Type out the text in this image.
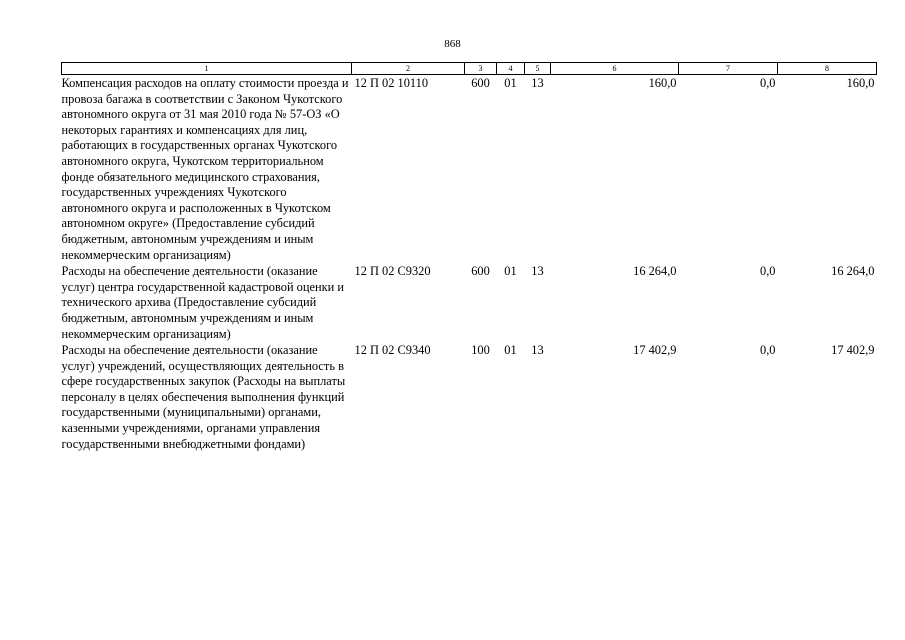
868
1	2	3	4	5	6	7	8
Компенсация расходов на оплату стоимости проезда и провоза багажа в соответствии с Законом Чукотского автономного округа от 31 мая 2010 года № 57-ОЗ «О некоторых гарантиях и компенсациях для лиц, работающих в государственных органах Чукотского автономного округа, Чукотском территориальном фонде обязательного медицинского страхования, государственных учреждениях Чукотского автономного округа и расположенных в Чукотском автономном округе» (Предоставление субсидий бюджетным, автономным учреждениям и иным некоммерческим организациям)	12 П 02 10110	600	01	13	160,0	0,0	160,0
Расходы на обеспечение деятельности (оказание услуг) центра государственной кадастровой оценки и технического архива (Предоставление субсидий бюджетным, автономным учреждениям и иным некоммерческим организациям)	12 П 02 С9320	600	01	13	16 264,0	0,0	16 264,0
Расходы на обеспечение деятельности (оказание услуг) учреждений, осуществляющих деятельность в сфере государственных закупок (Расходы на выплаты персоналу в целях обеспечения выполнения функций государственными (муниципальными) органами, казенными учреждениями, органами управления государственными внебюджетными фондами)	12 П 02 С9340	100	01	13	17 402,9	0,0	17 402,9
